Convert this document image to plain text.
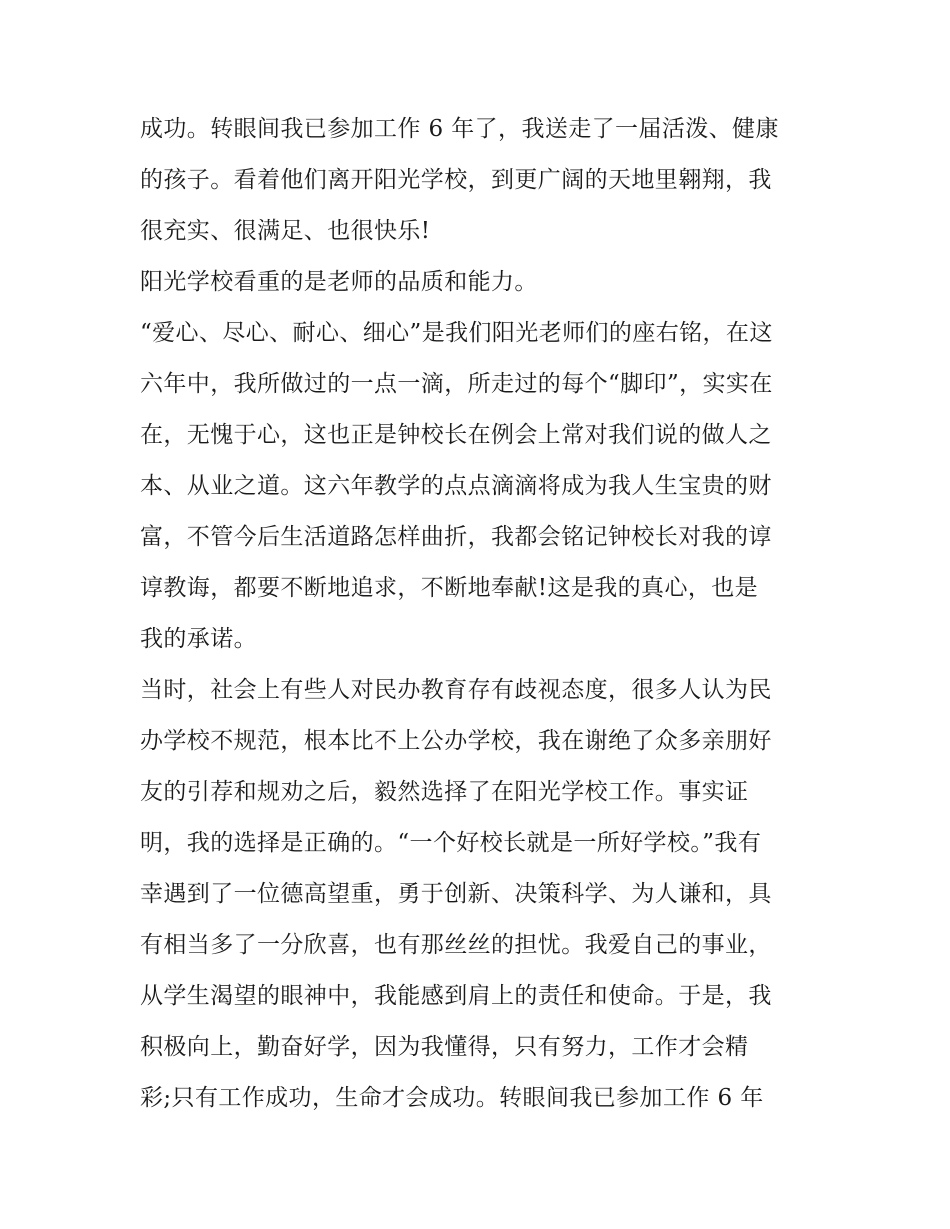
成功。转眼间我已参加工作 6 年了，我送走了一届活泼、健康
的孩子。看着他们离开阳光学校，到更广阔的天地里翱翔，我
很充实、很满足、也很快乐!
阳光学校看重的是老师的品质和能力。
“爱心、尽心、耐心、细心”是我们阳光老师们的座右铭，在这
六年中，我所做过的一点一滴，所走过的每个“脚印”，实实在
在，无愧于心，这也正是钟校长在例会上常对我们说的做人之
本、从业之道。这六年教学的点点滴滴将成为我人生宝贵的财
富，不管今后生活道路怎样曲折，我都会铭记钟校长对我的谆
谆教诲，都要不断地追求，不断地奉献!这是我的真心，也是
我的承诺。
当时，社会上有些人对民办教育存有歧视态度，很多人认为民
办学校不规范，根本比不上公办学校，我在谢绝了众多亲朋好
友的引荐和规劝之后，毅然选择了在阳光学校工作。事实证
明，我的选择是正确的。“一个好校长就是一所好学校。”我有
幸遇到了一位德高望重，勇于创新、决策科学、为人谦和，具
有相当多了一分欣喜，也有那丝丝的担忧。我爱自己的事业，
从学生渴望的眼神中，我能感到肩上的责任和使命。于是，我
积极向上，勤奋好学，因为我懂得，只有努力，工作才会精
彩;只有工作成功，生命才会成功。转眼间我已参加工作 6 年
